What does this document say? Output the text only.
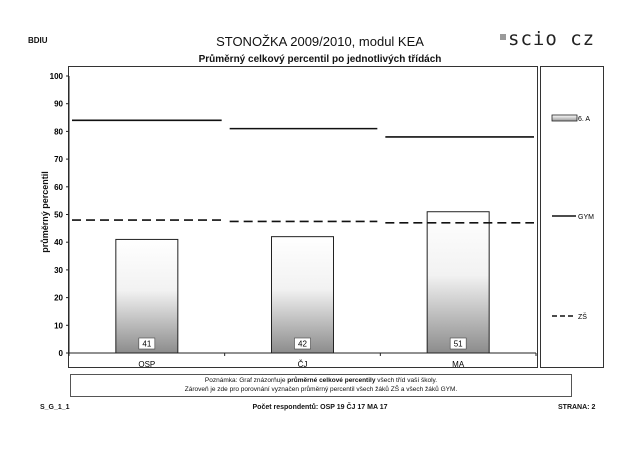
BDIU	scio cz
STONOŽKA 2009/2010, modul KEA
Průměrný celkový percentil po jednotlivých třídách
průměrný percentil
0
10
20
30
40
50
60
70
80
90
100
OSP	ČJ	MA
41	42	51
6. A
GYM
ZŠ
Poznámka: Graf znázorňuje průměrné celkové percentily všech tříd vaší školy.
Zároveň je zde pro porovnání vyznačen průměrný percentil všech žáků ZŠ a všech žáků GYM.
S_G_1_1	Počet respondentů: OSP 19 ČJ 17 MA 17	STRANA: 2
